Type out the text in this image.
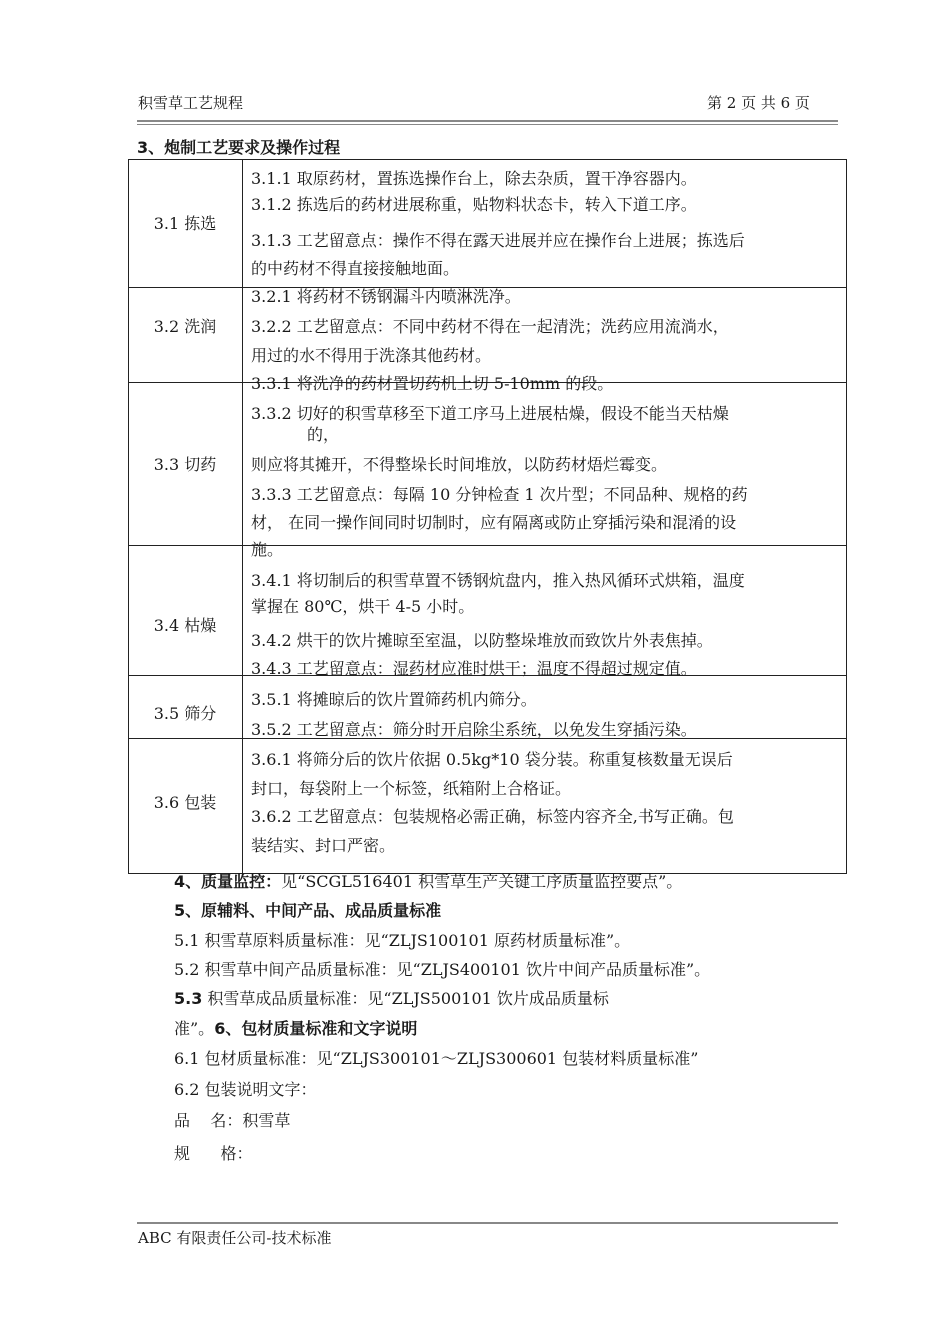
积雪草工艺规程	第 2 页 共 6 页
3、炮制工艺要求及操作过程
3.1 拣选
3.2 洗润
3.3 切药
3.4 枯燥
3.5 筛分
3.6 包装
3.1.1 取原药材，置拣选操作台上，除去杂质，置干净容器内。
3.1.2 拣选后的药材进展称重，贴物料状态卡，转入下道工序。
3.1.3 工艺留意点：操作不得在露天进展并应在操作台上进展；拣选后
的中药材不得直接接触地面。
3.2.1 将药材不锈钢漏斗内喷淋洗净。
3.2.2 工艺留意点：不同中药材不得在一起清洗；洗药应用流淌水，
用过的水不得用于洗涤其他药材。
3.3.1 将洗净的药材置切药机上切 5-10mm 的段。
3.3.2 切好的积雪草移至下道工序马上进展枯燥，假设不能当天枯燥
的，
则应将其摊开，不得整垛长时间堆放，以防药材焐烂霉变。
3.3.3 工艺留意点：每隔 10 分钟检查 1 次片型；不同品种、规格的药
材， 在同一操作间同时切制时，应有隔离或防止穿插污染和混淆的设
施。
3.4.1 将切制后的积雪草置不锈钢炕盘内，推入热风循环式烘箱，温度
掌握在 80℃，烘干 4-5 小时。
3.4.2 烘干的饮片摊晾至室温，以防整垛堆放而致饮片外表焦掉。
3.4.3 工艺留意点：湿药材应准时烘干；温度不得超过规定值。
3.5.1 将摊晾后的饮片置筛药机内筛分。
3.5.2 工艺留意点：筛分时开启除尘系统，以免发生穿插污染。
3.6.1 将筛分后的饮片依据 0.5kg*10 袋分装。称重复核数量无误后
封口，每袋附上一个标签，纸箱附上合格证。
3.6.2 工艺留意点：包装规格必需正确，标签内容齐全,书写正确。包
装结实、封口严密。
4、质量监控：见“SCGL516401 积雪草生产关键工序质量监控要点”。
5、原辅料、中间产品、成品质量标准
5.1 积雪草原料质量标准：见“ZLJS100101 原药材质量标准”。
5.2 积雪草中间产品质量标准：见“ZLJS400101 饮片中间产品质量标准”。
5.3 积雪草成品质量标准：见“ZLJS500101 饮片成品质量标
准”。6、包材质量标准和文字说明
6.1 包材质量标准：见“ZLJS300101～ZLJS300601 包装材料质量标准”
6.2 包装说明文字：
品    名：积雪草
规      格：
ABC 有限责任公司-技术标准
